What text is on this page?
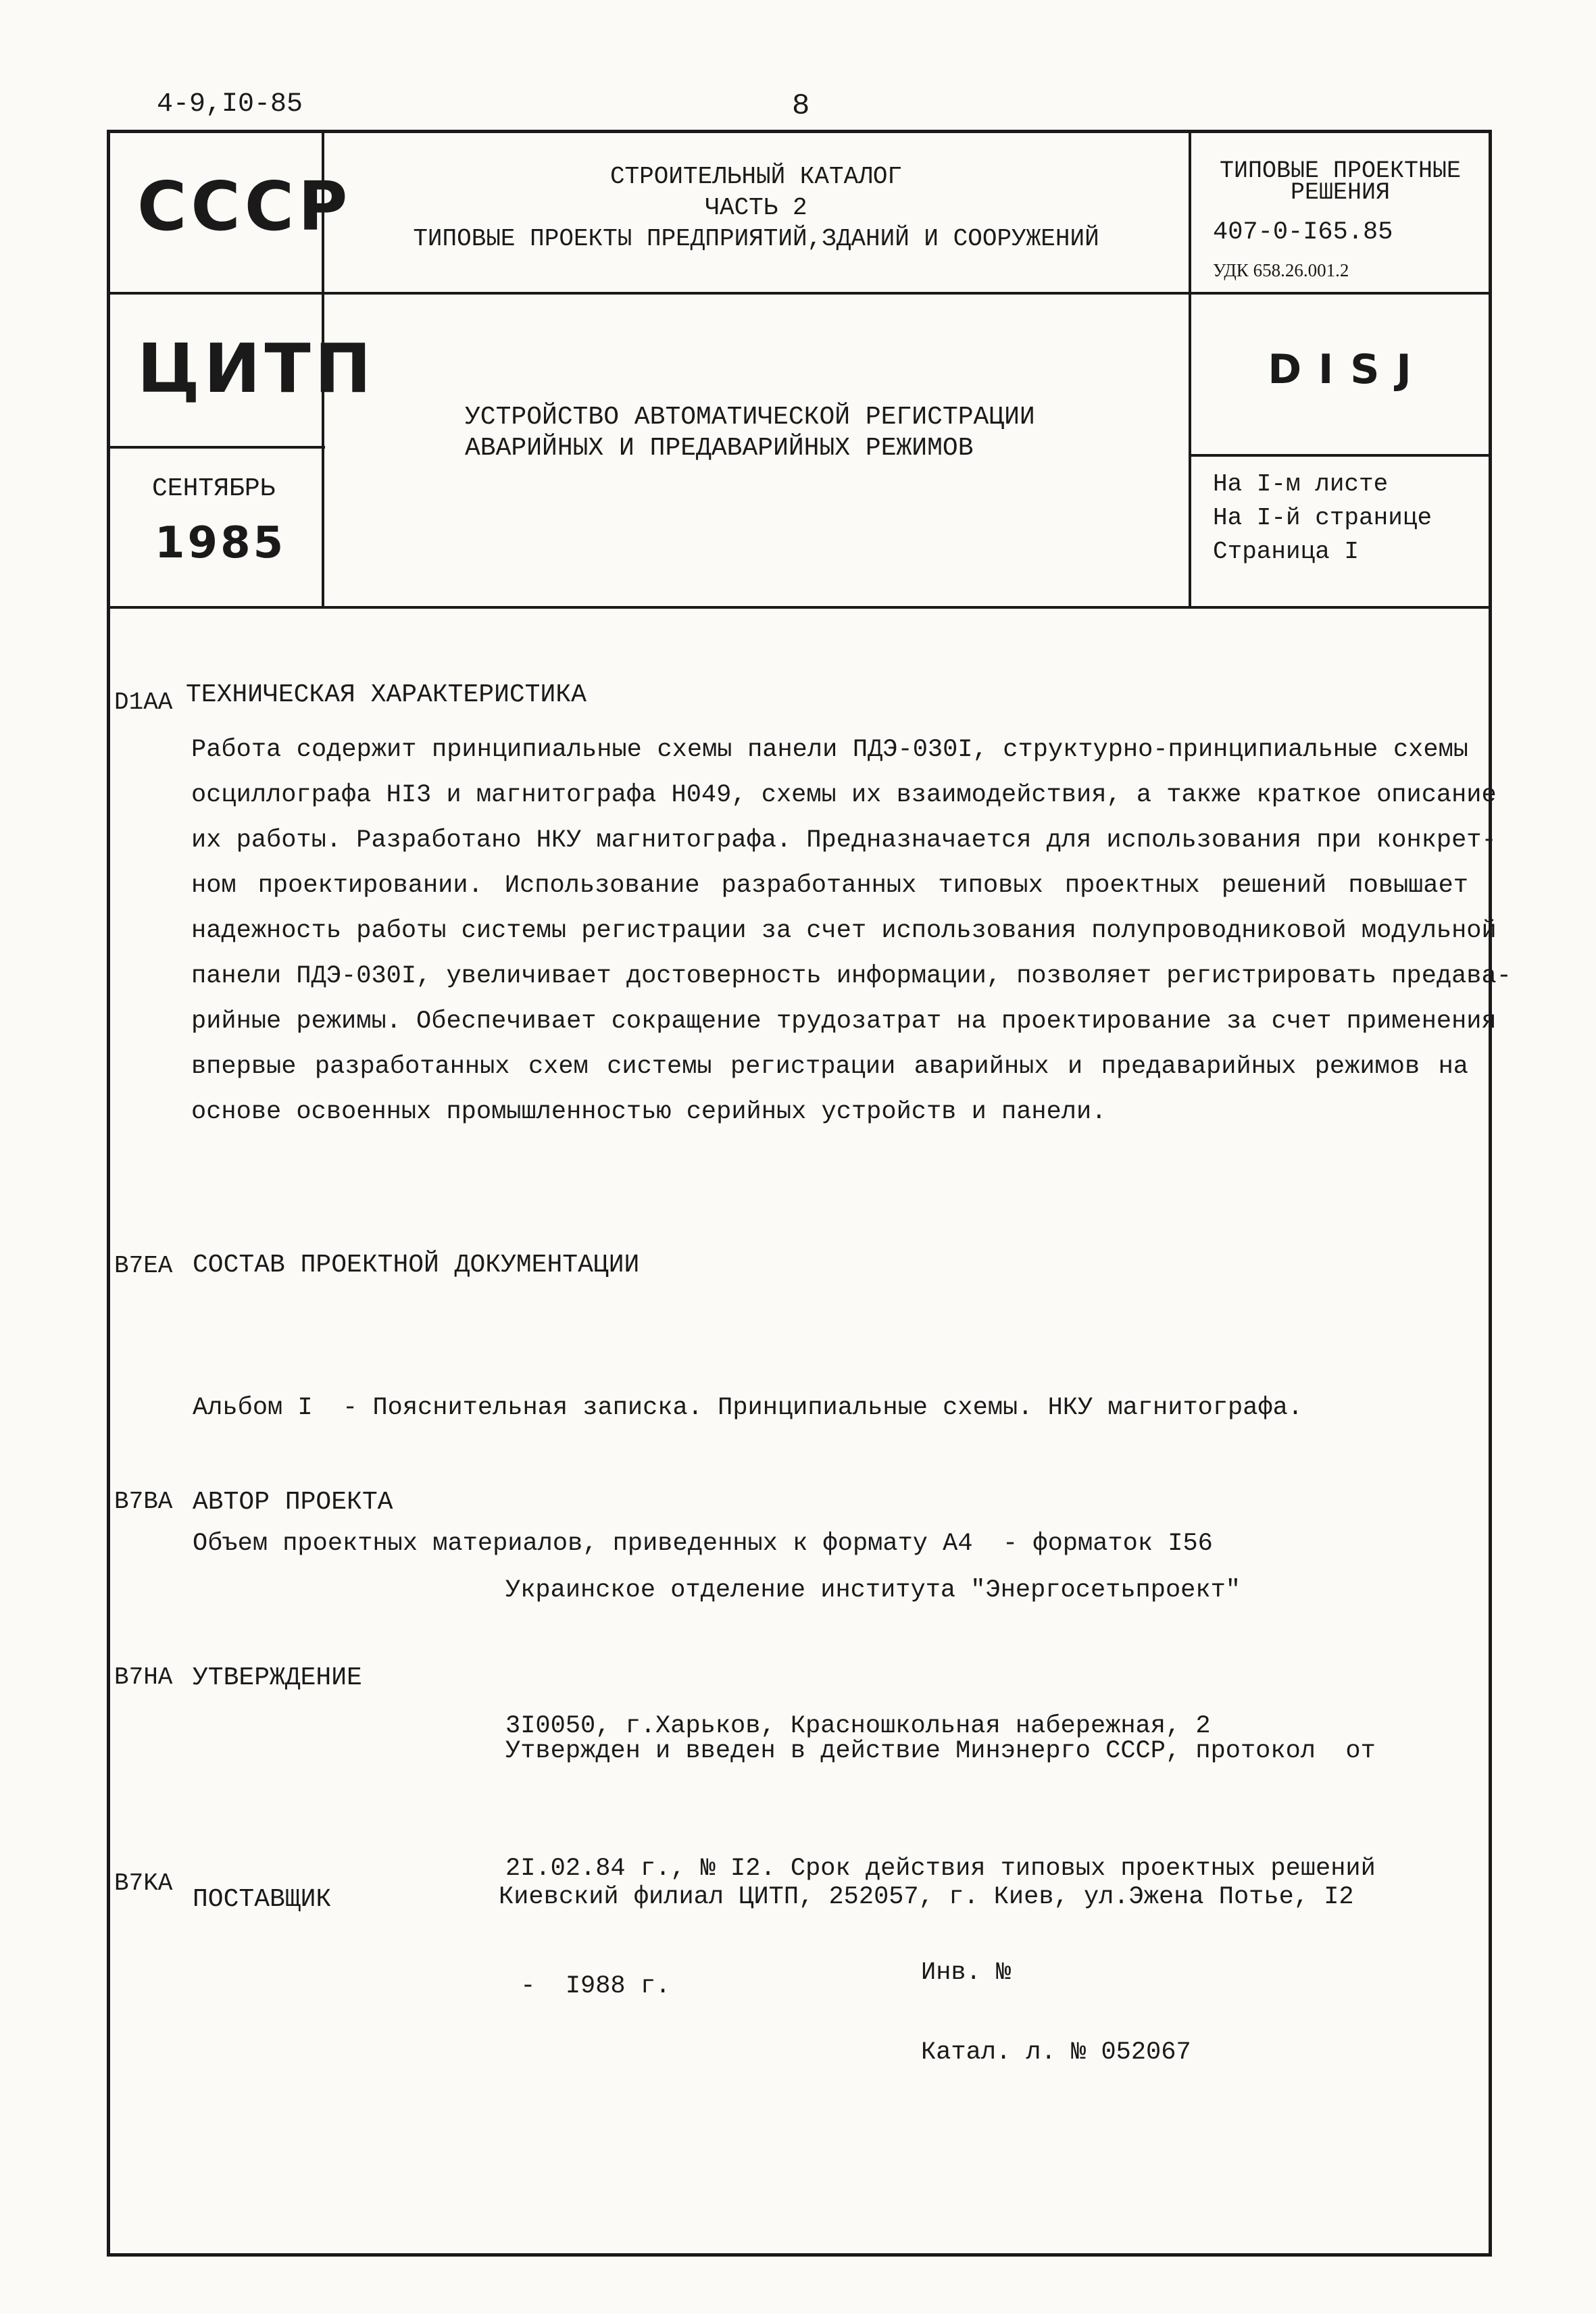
4-9,I0-85	8
СССР
ЦИТП
СЕНТЯБРЬ
1985
СТРОИТЕЛЬНЫЙ КАТАЛОГ
ЧАСТЬ 2
ТИПОВЫЕ ПРОЕКТЫ ПРЕДПРИЯТИЙ,ЗДАНИЙ И СООРУЖЕНИЙ
УСТРОЙСТВО АВТОМАТИЧЕСКОЙ РЕГИСТРАЦИИ
АВАРИЙНЫХ И ПРЕДАВАРИЙНЫХ РЕЖИМОВ
ТИПОВЫЕ ПРОЕКТНЫЕ
РЕШЕНИЯ
407-0-I65.85
УДК 658.26.001.2
D I S J
На I-м листе
На I-й странице
Страница I
D1AA ТЕХНИЧЕСКАЯ ХАРАКТЕРИСТИКА
Работа содержит принципиальные схемы панели ПДЭ-030I, структурно-принципиальные схемы
осциллографа HI3 и магнитографа H049, схемы их взаимодействия, а также краткое описание
их работы. Разработано НКУ магнитографа. Предназначается для использования при конкрет-
ном проектировании. Использование разработанных типовых проектных решений повышает
надежность работы системы регистрации за счет использования полупроводниковой модульной
панели ПДЭ-030I, увеличивает достоверность информации, позволяет регистрировать предава-
рийные режимы. Обеспечивает сокращение трудозатрат на проектирование за счет применения
впервые разработанных схем системы регистрации аварийных и предаварийных режимов на
основе освоенных промышленностью серийных устройств и панели.
B7EA СОСТАВ ПРОЕКТНОЙ ДОКУМЕНТАЦИИ

Альбом I  - Пояснительная записка. Принципиальные схемы. НКУ магнитографа.

Объем проектных материалов, приведенных к формату А4  - форматок I56

B7BA АВТОР ПРОЕКТА

Украинское отделение института "Энергосетьпроект"

3I0050, г.Харьков, Красношкольная набережная, 2

B7HA УТВЕРЖДЕНИЕ

Утвержден и введен в действие Минэнерго СССР, протокол  от

2I.02.84 г., № I2. Срок действия типовых проектных решений

-  I988 г.

B7KA
ПОСТАВЩИК	Киевский филиал ЦИТП, 252057, г. Киев, ул.Эжена Потье, I2
Инв. №
Катал. л. № 052067
